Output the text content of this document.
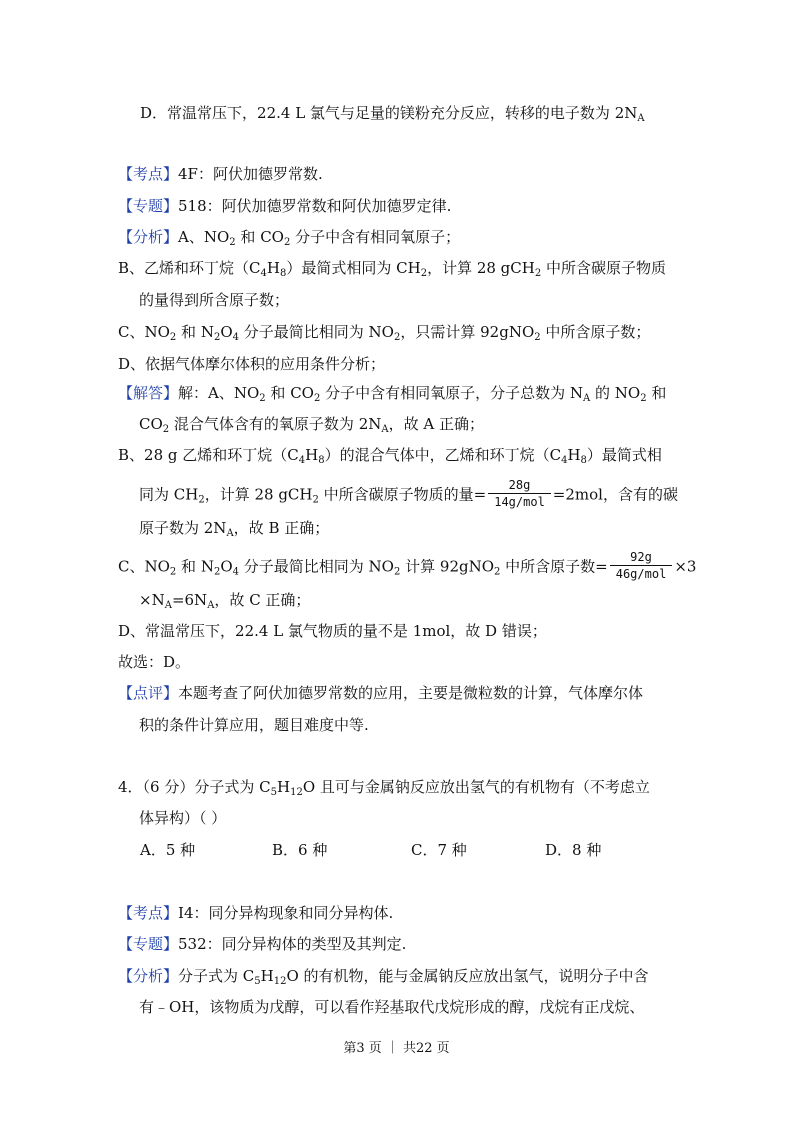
D．常温常压下，22.4 L 氯气与足量的镁粉充分反应，转移的电子数为 $2N_A$
【考点】4F：阿伏加德罗常数.
【专题】518：阿伏加德罗常数和阿伏加德罗定律.
【分析】A、$NO_2$ 和 $CO_2$ 分子中含有相同氧原子；
B、乙烯和环丁烷$(C_4H_8)$最简式相同为 $CH_2$，计算 28 gCH$_2$ 中所含碳原子物质
的量得到所含原子数；
C、$NO_2$ 和 $N_2O_4$ 分子最简比相同为 $NO_2$，只需计算 92gNO$_2$ 中所含原子数；
D、依据气体摩尔体积的应用条件分析；
【解答】解：A、$NO_2$ 和 $CO_2$ 分子中含有相同氧原子，分子总数为 $N_A$ 的 $NO_2$ 和
$CO_2$ 混合气体含有的氧原子数为 $2N_A$，故 A 正确；
B、28 g 乙烯和环丁烷$(C_4H_8)$的混合气体中，乙烯和环丁烷$(C_4H_8)$最简式相
同为 $CH_2$，计算 28 gCH$_2$ 中所含碳原子物质的量= $\frac{28g}{\text{14g/mol}} =2mol$，含有的碳
原子数为 $2N_A$，故 B 正确；
C、$NO_2$ 和 $N_2O_4$ 分子最简比相同为 $NO_2$ 计算 92gNO$_2$ 中所含原子数= $\frac{92g}{\text{46g/mol}} \times 3$
$\times N_A=6N_A$，故 C 正确；
D、常温常压下，22.4 L 氯气物质的量不是 1mol，故 D 错误；
故选：D。
【点评】本题考查了阿伏加德罗常数的应用，主要是微粒数的计算，气体摩尔体
积的条件计算应用，题目难度中等.
4．（6 分）分子式为 $C_5H_{12}O$ 且可与金属钠反应放出氢气的有机物有（不考虑立
体异构）（ ）
A．5 种	B．6 种	C．7 种	D．8 种
【考点】I4：同分异构现象和同分异构体.
【专题】532：同分异构体的类型及其判定.
【分析】分子式为 $C_5H_{12}O$ 的有机物，能与金属钠反应放出氢气，说明分子中含
有﹣OH，该物质为戊醇，可以看作羟基取代戊烷形成的醇，戊烷有正戊烷、
第3 页 ｜ 共22 页
